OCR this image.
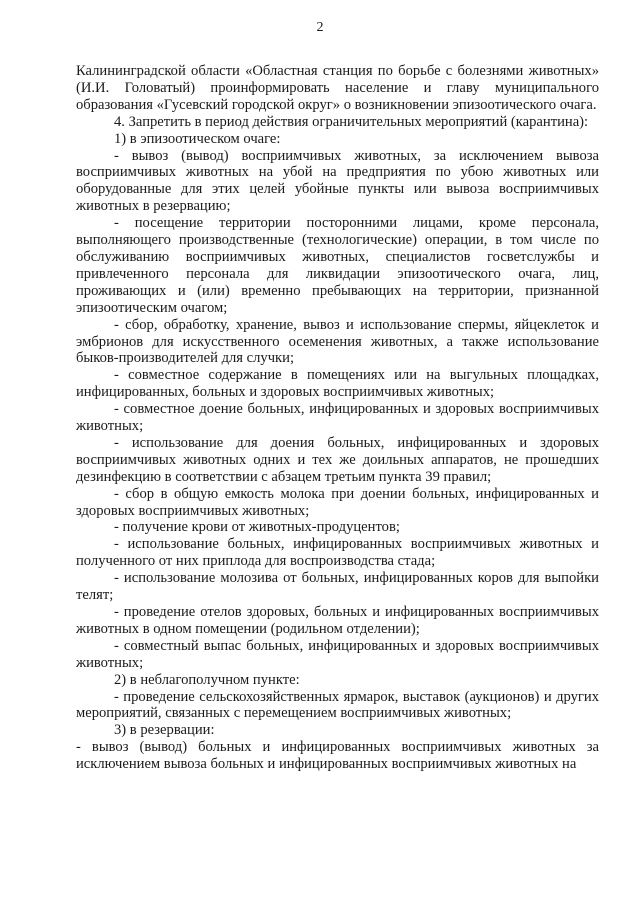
2

Калининградской области «Областная станция по борьбе с болезнями животных» (И.И. Головатый) проинформировать население и главу муниципального образования «Гусевский городской округ» о возникновении эпизоотического очага.

4. Запретить в период действия ограничительных мероприятий (карантина):

1) в эпизоотическом очаге:

- вывоз (вывод) восприимчивых животных, за исключением вывоза восприимчивых животных на убой на предприятия по убою животных или оборудованные для этих целей убойные пункты или вывоза восприимчивых животных в резервацию;

- посещение территории посторонними лицами, кроме персонала, выполняющего производственные (технологические) операции, в том числе по обслуживанию восприимчивых животных, специалистов госветслужбы и привлеченного персонала для ликвидации эпизоотического очага, лиц, проживающих и (или) временно пребывающих на территории, признанной эпизоотическим очагом;

- сбор, обработку, хранение, вывоз и использование спермы, яйцеклеток и эмбрионов для искусственного осеменения животных, а также использование быков-производителей для случки;

- совместное содержание в помещениях или на выгульных площадках, инфицированных, больных и здоровых восприимчивых животных;

- совместное доение больных, инфицированных и здоровых восприимчивых животных;

- использование для доения больных, инфицированных и здоровых восприимчивых животных одних и тех же доильных аппаратов, не прошедших дезинфекцию в соответствии с абзацем третьим пункта 39 правил;

- сбор в общую емкость молока при доении больных, инфицированных и здоровых восприимчивых животных;

- получение крови от животных-продуцентов;

- использование больных, инфицированных восприимчивых животных и полученного от них приплода для воспроизводства стада;

- использование молозива от больных, инфицированных коров для выпойки телят;

- проведение отелов здоровых, больных и инфицированных восприимчивых животных в одном помещении (родильном отделении);

- совместный выпас больных, инфицированных и здоровых восприимчивых животных;

2) в неблагополучном пункте:

- проведение сельскохозяйственных ярмарок, выставок (аукционов) и других мероприятий, связанных с перемещением восприимчивых животных;

3) в резервации:

- вывоз (вывод) больных и инфицированных восприимчивых животных за исключением вывоза больных и инфицированных восприимчивых животных на
